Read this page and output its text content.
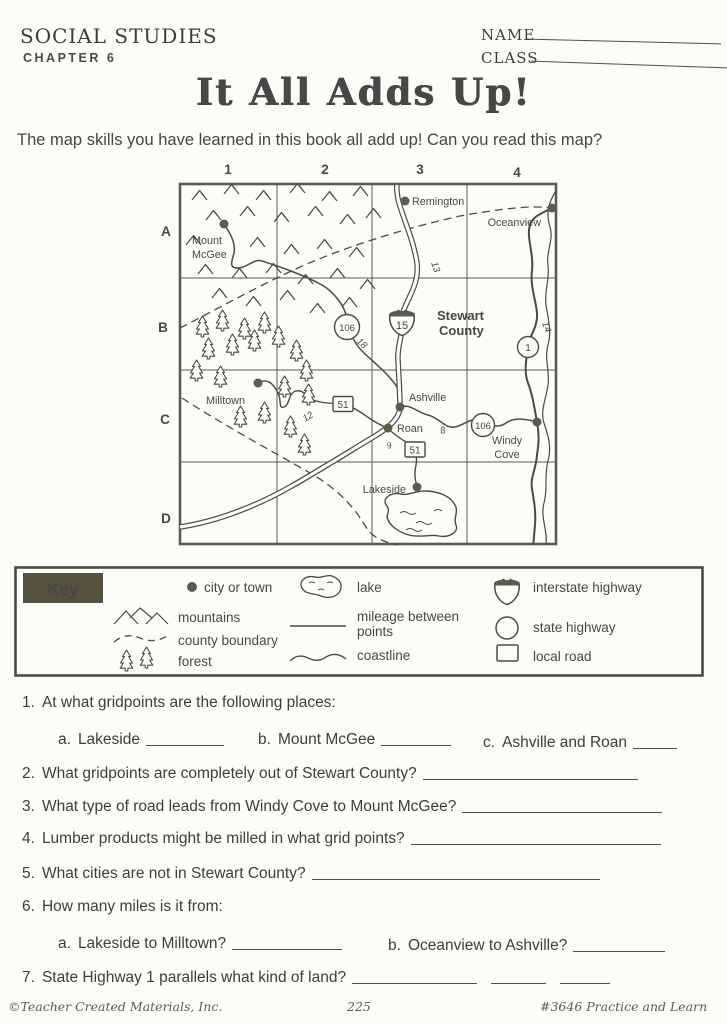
SOCIAL STUDIES
CHAPTER 6
NAME
CLASS
It All Adds Up!
The map skills you have learned in this book all add up! Can you read this map?
1	2	3	4
A
B
C
D
15
106
106
1
51
51
Remington
Oceanview
Mount
McGee
Milltown	Ashville
Roan
Windy
Cove
Lakeside
Stewart
County
13
18
12
8
9
14
Key	city or town	lake	interstate highway
mountains	mileage between
points	state highway
county boundary
coastline
forest	local road
1. At what gridpoints are the following places:
a. Lakeside	b. Mount McGee	c. Ashville and Roan
2. What gridpoints are completely out of Stewart County?
3. What type of road leads from Windy Cove to Mount McGee?
4. Lumber products might be milled in what grid points?
5. What cities are not in Stewart County?
6. How many miles is it from:
a. Lakeside to Milltown?	b. Oceanview to Ashville?
7. State Highway 1 parallels what kind of land?
©Teacher Created Materials, Inc.	225	#3646 Practice and Learn
